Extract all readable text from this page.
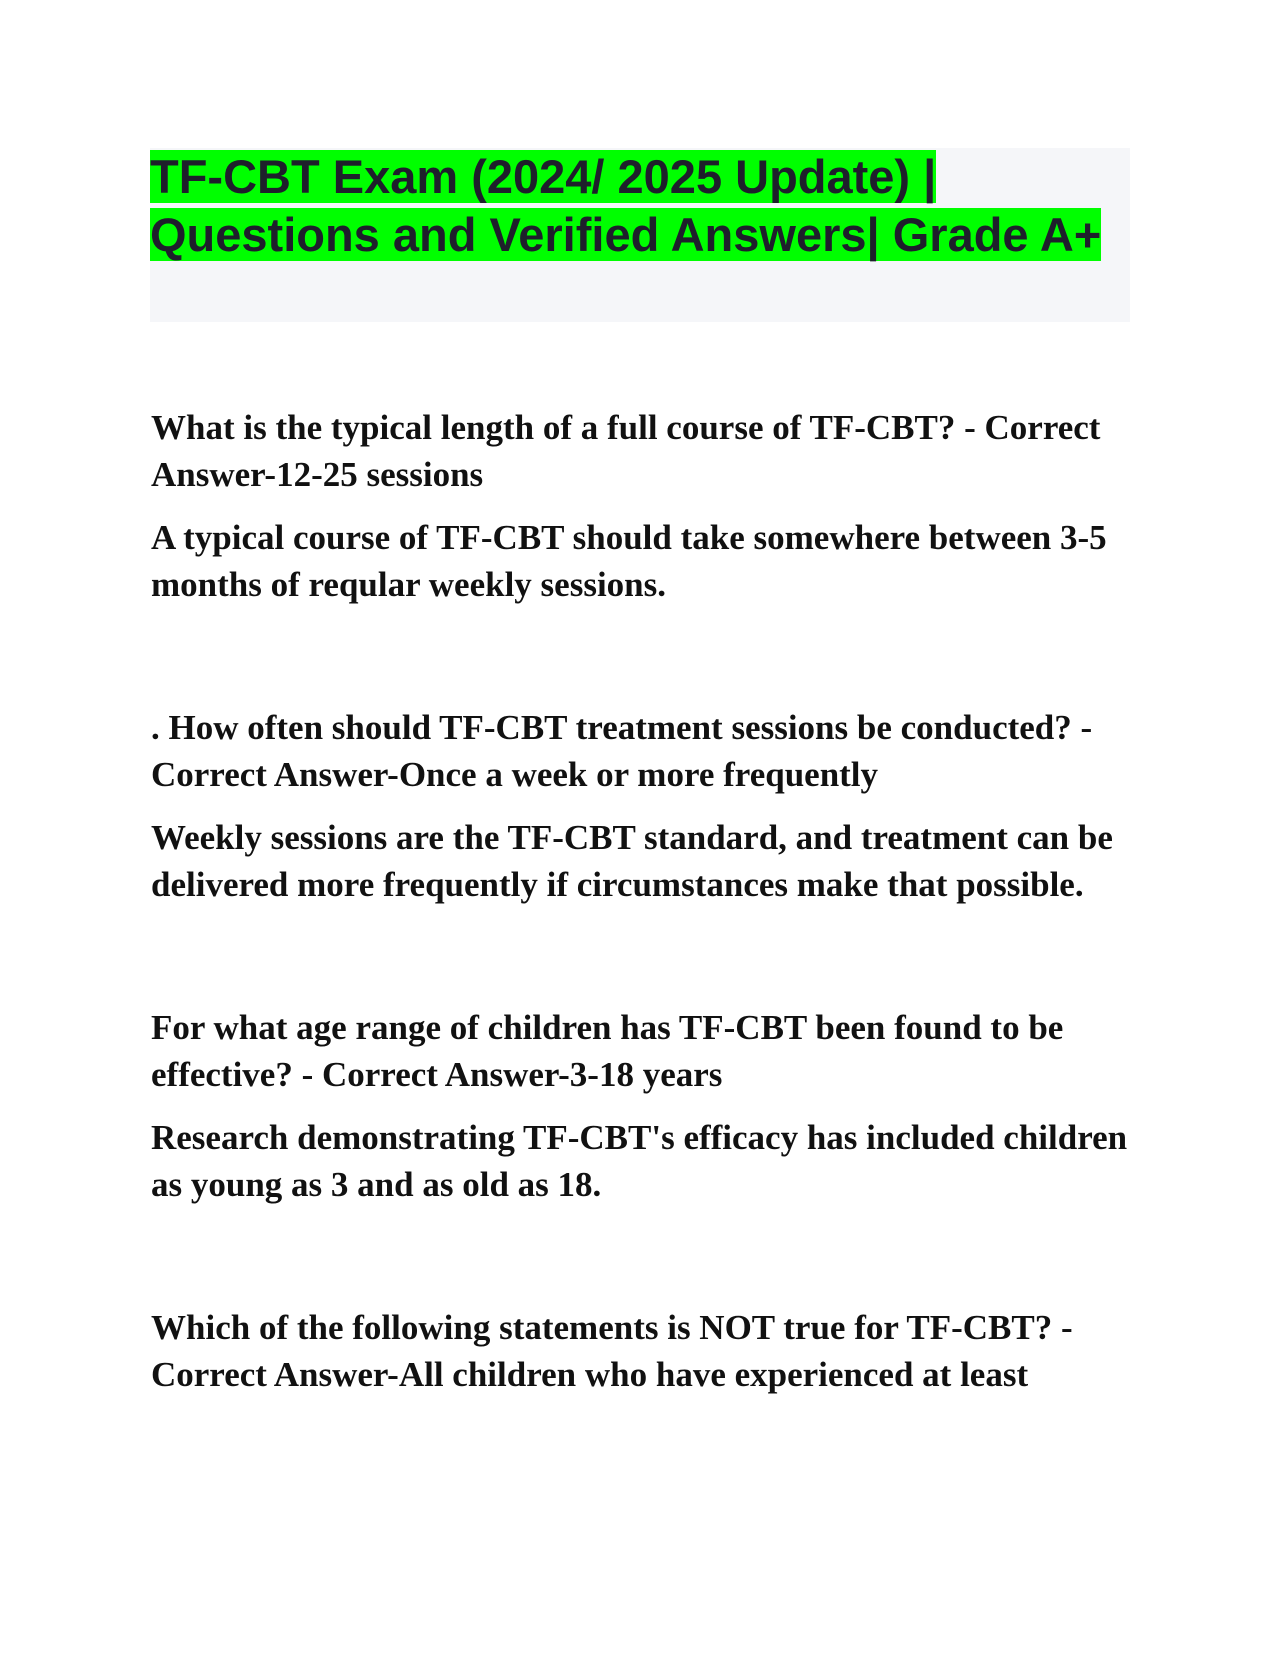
TF-CBT Exam (2024/ 2025 Update) | Questions and Verified Answers| Grade A+

What is the typical length of a full course of TF-CBT? - Correct Answer-12-25 sessions

A typical course of TF-CBT should take somewhere between 3-5 months of reqular weekly sessions.

. How often should TF-CBT treatment sessions be conducted? - Correct Answer-Once a week or more frequently

Weekly sessions are the TF-CBT standard, and treatment can be delivered more frequently if circumstances make that possible.

For what age range of children has TF-CBT been found to be effective? - Correct Answer-3-18 years

Research demonstrating TF-CBT's efficacy has included children as young as 3 and as old as 18.

Which of the following statements is NOT true for TF-CBT? - Correct Answer-All children who have experienced at least
